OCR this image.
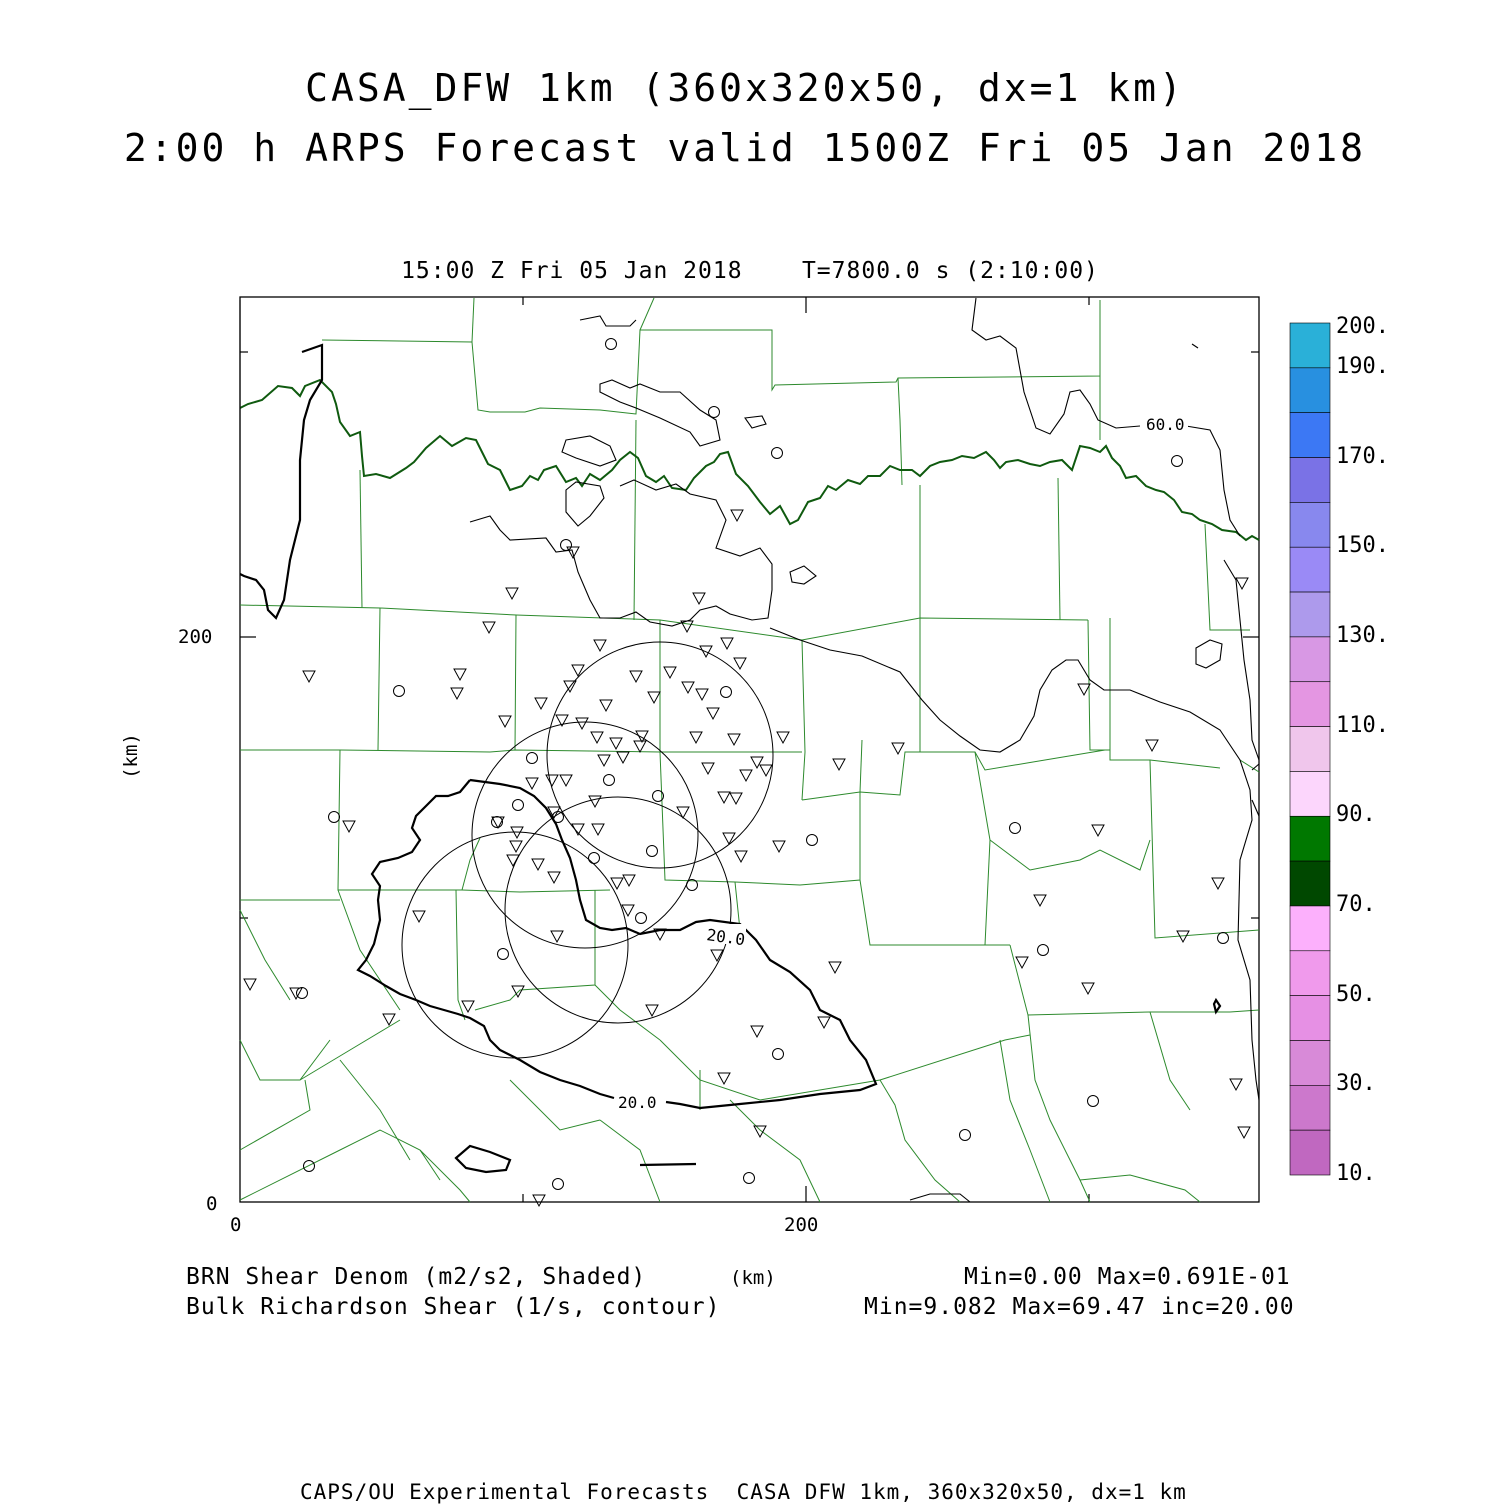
CASA_DFW 1km (360x320x50, dx=1 km)
2:00 h ARPS Forecast valid 1500Z Fri 05 Jan 2018
15:00 Z Fri 05 Jan 2018    T=7800.0 s (2:10:00)
60.0
20.0
20.0
200
0
0	200
(km)
(km)
BRN Shear Denom (m2/s2, Shaded)
Bulk Richardson Shear (1/s, contour)
Min=0.00 Max=0.691E-01
Min=9.082 Max=69.47 inc=20.00
200.
190.
170.
150.
130.
110.
90.
70.
50.
30.
10.
CAPS/OU Experimental Forecasts  CASA DFW 1km, 360x320x50, dx=1 km
